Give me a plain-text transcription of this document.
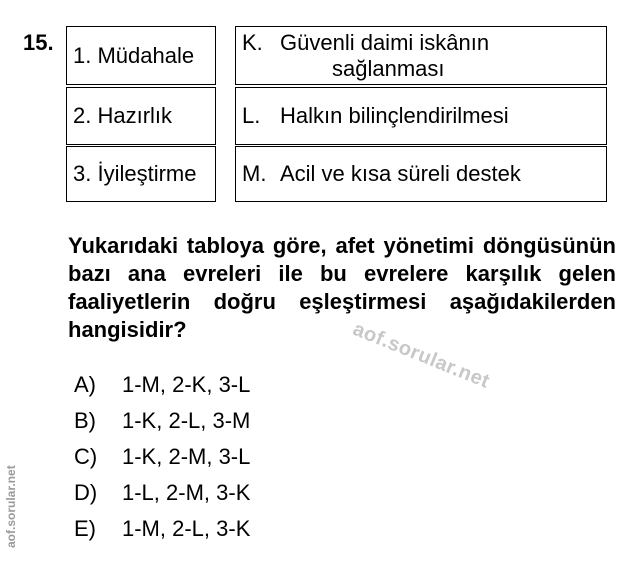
15. 1. Müdahale
2. Hazırlık
3. İyileştirme
K. Güvenli daimi iskânın
sağlanması
L. Halkın bilinçlendirilmesi
M. Acil ve kısa süreli destek
Yukarıdaki tabloya göre, afet yönetimi döngüsünün bazı ana evreleri ile bu evrelere karşılık gelen faaliyetlerin doğru eşleştirmesi aşağıdakilerden hangisidir?	aof.sorular.net
A) 1-M, 2-K, 3-L
B) 1-K, 2-L, 3-M
C) 1-K, 2-M, 3-L
D) 1-L, 2-M, 3-K
E) 1-M, 2-L, 3-K
aof.sorular.net
